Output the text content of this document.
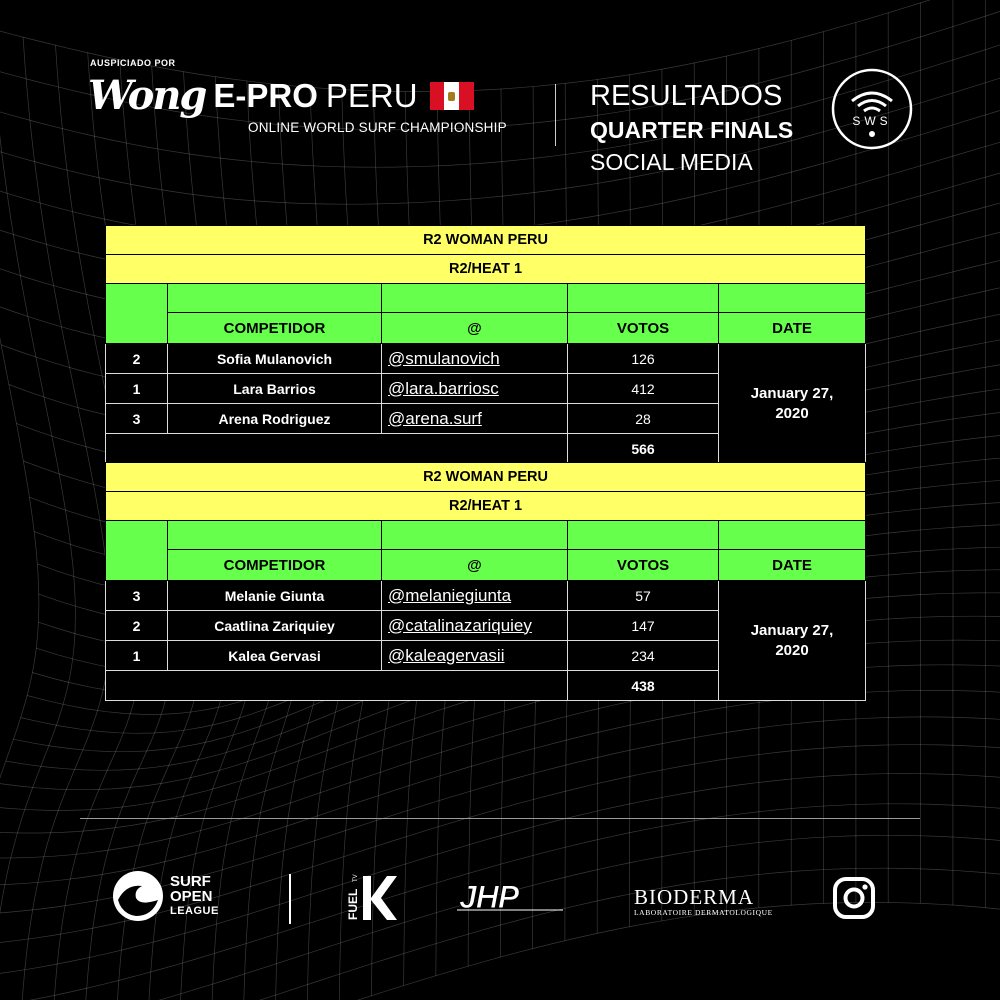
AUSPICIADO POR
Wong E-PRO PERU
ONLINE WORLD SURF CHAMPIONSHIP
RESULTADOS
QUARTER FINALS
SOCIAL MEDIA
SWS
R2 WOMAN PERU				
R2/HEAT 1				

	COMPETIDOR	@	VOTOS	DATE
2	Sofia Mulanovich	@smulanovich	126	January 27,
2020
1	Lara Barrios	@lara.barriosc	412	
3	Arena Rodriguez	@arena.surf	28	
			566	
R2 WOMAN PERU				
R2/HEAT 1				

	COMPETIDOR	@	VOTOS	DATE
3	Melanie Giunta	@melaniegiunta	57	January 27,
2020
2	Caatlina Zariquiey	@catalinazariquiey	147	
1	Kalea Gervasi	@kaleagervasii	234	
			438	
SURF
OPEN
LEAGUE	FUEL
TV
JHP	BIODERMA
LABORATOIRE DERMATOLOGIQUE
